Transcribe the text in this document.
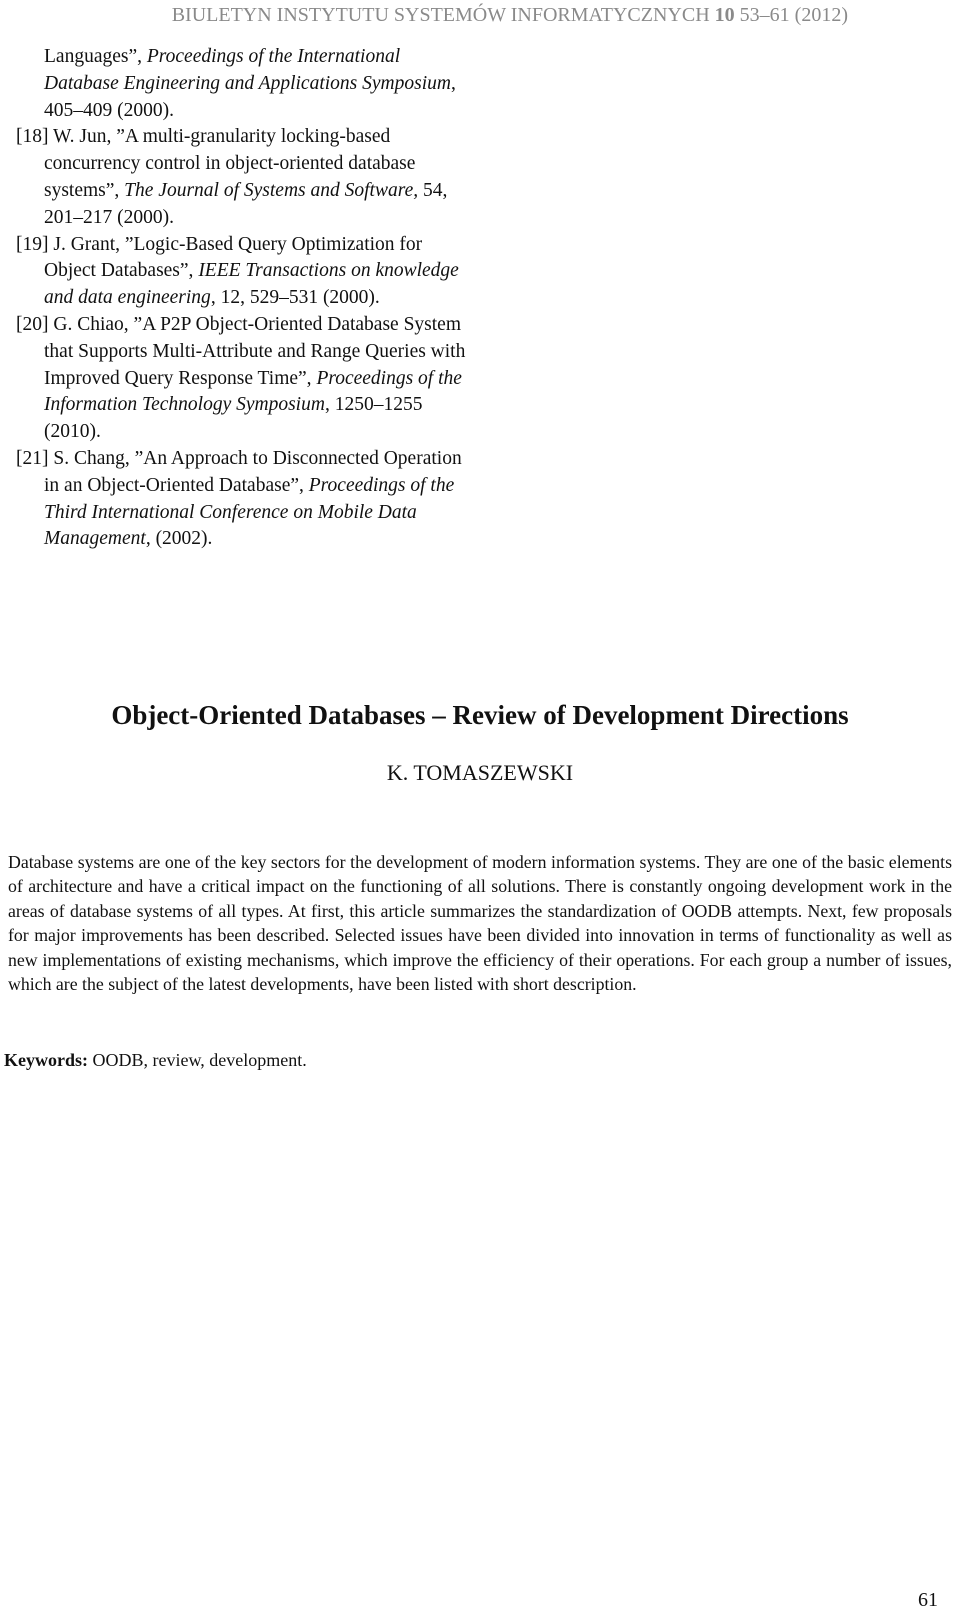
BIULETYN INSTYTUTU SYSTEMÓW INFORMATYCZNYCH 10 53–61 (2012)
Languages”, Proceedings of the International Database Engineering and Applications Symposium, 405–409 (2000).
[18] W. Jun, ”A multi-granularity locking-based concurrency control in object-oriented database systems”, The Journal of Systems and Software, 54, 201–217 (2000).
[19] J. Grant, ”Logic-Based Query Optimization for Object Databases”, IEEE Transactions on knowledge and data engineering, 12, 529–531 (2000).
[20] G. Chiao, ”A P2P Object-Oriented Database System that Supports Multi-Attribute and Range Queries with Improved Query Response Time”, Proceedings of the Information Technology Symposium, 1250–1255 (2010).
[21] S. Chang, ”An Approach to Disconnected Operation in an Object-Oriented Database”, Proceedings of the Third International Conference on Mobile Data Management, (2002).
Object-Oriented Databases – Review of Development Directions
K. TOMASZEWSKI
Database systems are one of the key sectors for the development of modern information systems. They are one of the basic elements of architecture and have a critical impact on the functioning of all solutions. There is constantly ongoing development work in the areas of database systems of all types. At first, this article summarizes the standardization of OODB attempts. Next, few proposals for major improvements has been described. Selected issues have been divided into innovation in terms of functionality as well as new implementations of existing mechanisms, which improve the efficiency of their operations. For each group a number of issues, which are the subject of the latest developments, have been listed with short description.
Keywords: OODB, review, development.
61
